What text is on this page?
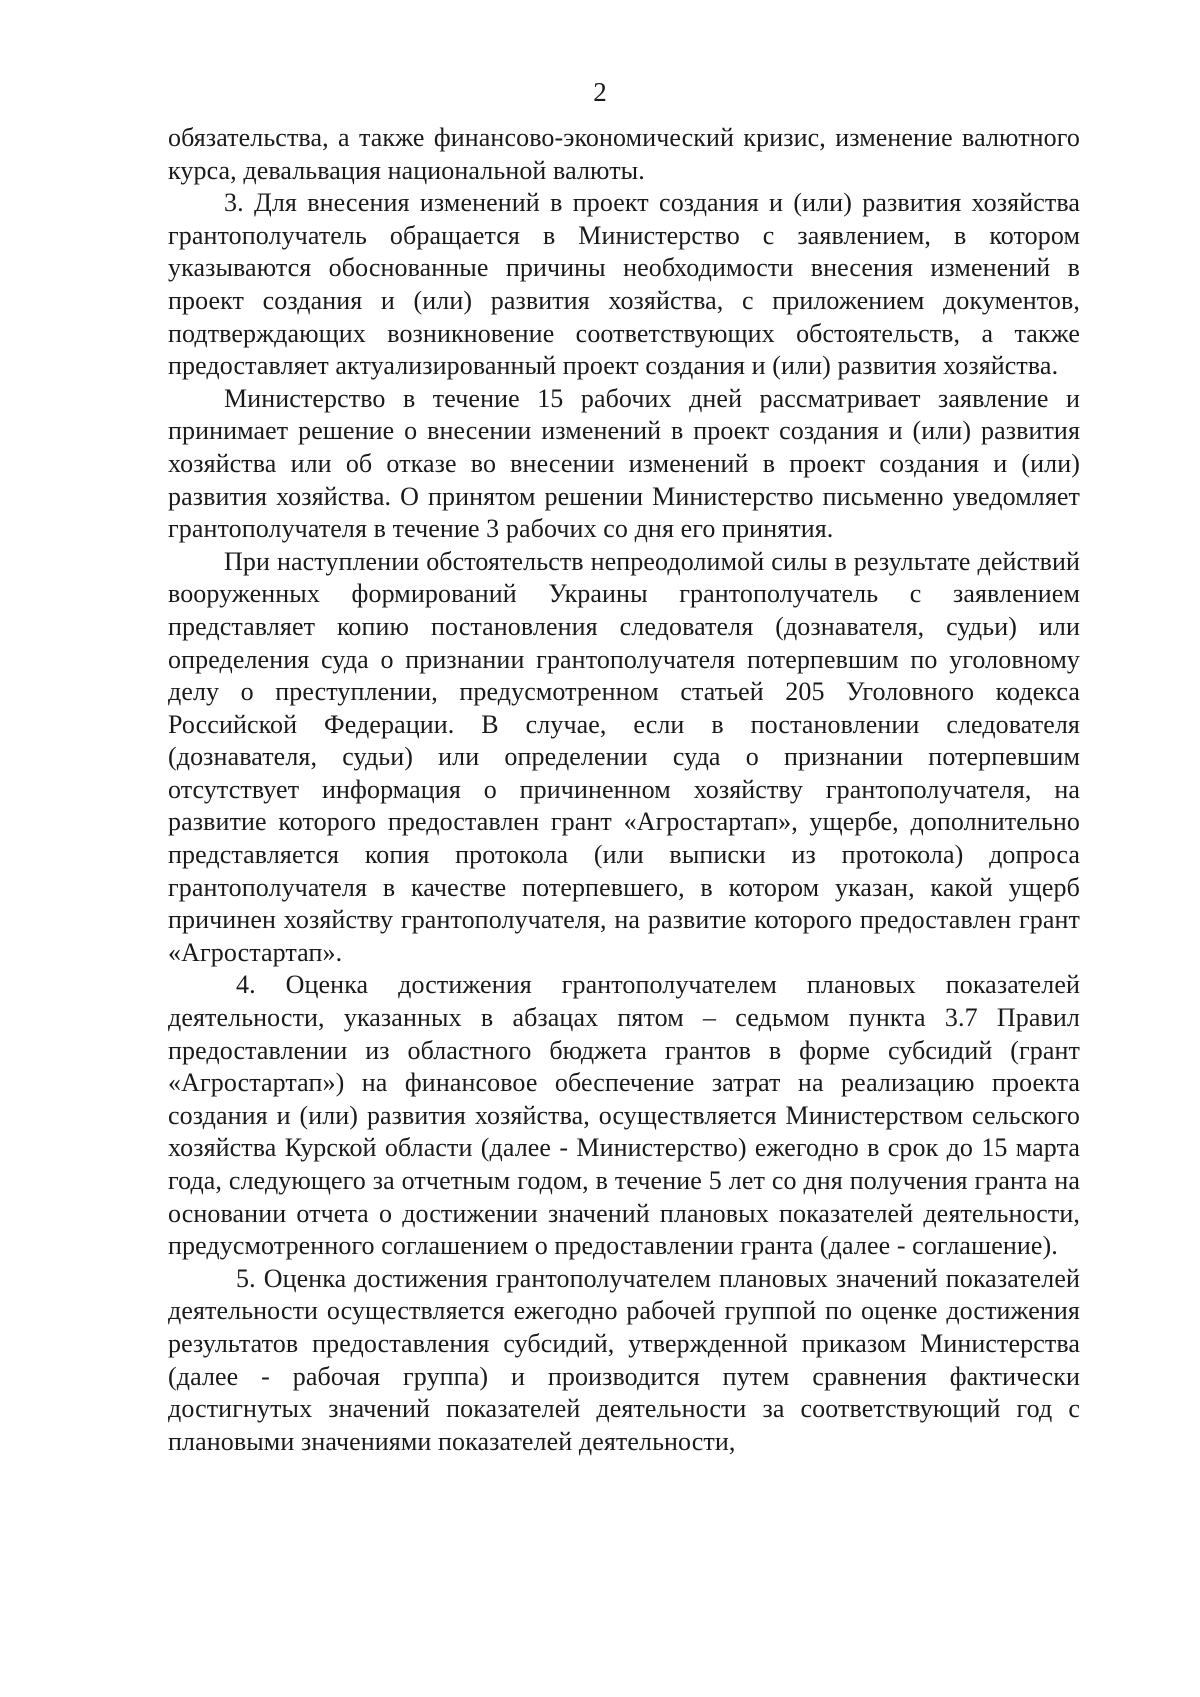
2

обязательства, а также финансово-экономический кризис, изменение валютного курса, девальвация национальной валюты.

3. Для внесения изменений в проект создания и (или) развития хозяйства грантополучатель обращается в Министерство с заявлением, в котором указываются обоснованные причины необходимости внесения изменений в проект создания и (или) развития хозяйства, с приложением документов, подтверждающих возникновение соответствующих обстоятельств, а также предоставляет актуализированный проект создания и (или) развития хозяйства.

Министерство в течение 15 рабочих дней рассматривает заявление и принимает решение о внесении изменений в проект создания и (или) развития хозяйства или об отказе во внесении изменений в проект создания и (или) развития хозяйства. О принятом решении Министерство письменно уведомляет грантополучателя в течение 3 рабочих со дня его принятия.

При наступлении обстоятельств непреодолимой силы в результате действий вооруженных формирований Украины грантополучатель с заявлением представляет копию постановления следователя (дознавателя, судьи) или определения суда о признании грантополучателя потерпевшим по уголовному делу о преступлении, предусмотренном статьей 205 Уголовного кодекса Российской Федерации. В случае, если в постановлении следователя (дознавателя, судьи) или определении суда о признании потерпевшим отсутствует информация о причиненном хозяйству грантополучателя, на развитие которого предоставлен грант «Агростартап», ущербе, дополнительно представляется копия протокола (или выписки из протокола) допроса грантополучателя в качестве потерпевшего, в котором указан, какой ущерб причинен хозяйству грантополучателя, на развитие которого предоставлен грант «Агростартап».

4. Оценка достижения грантополучателем плановых показателей деятельности, указанных в абзацах пятом – седьмом пункта 3.7 Правил предоставлении из областного бюджета грантов в форме субсидий (грант «Агростартап») на финансовое обеспечение затрат на реализацию проекта создания и (или) развития хозяйства, осуществляется Министерством сельского хозяйства Курской области (далее - Министерство) ежегодно в срок до 15 марта года, следующего за отчетным годом, в течение 5 лет со дня получения гранта на основании отчета о достижении значений плановых показателей деятельности, предусмотренного соглашением о предоставлении гранта (далее - соглашение).

5. Оценка достижения грантополучателем плановых значений показателей деятельности осуществляется ежегодно рабочей группой по оценке достижения результатов предоставления субсидий, утвержденной приказом Министерства (далее - рабочая группа) и производится путем сравнения фактически достигнутых значений показателей деятельности за соответствующий год с плановыми значениями показателей деятельности,
